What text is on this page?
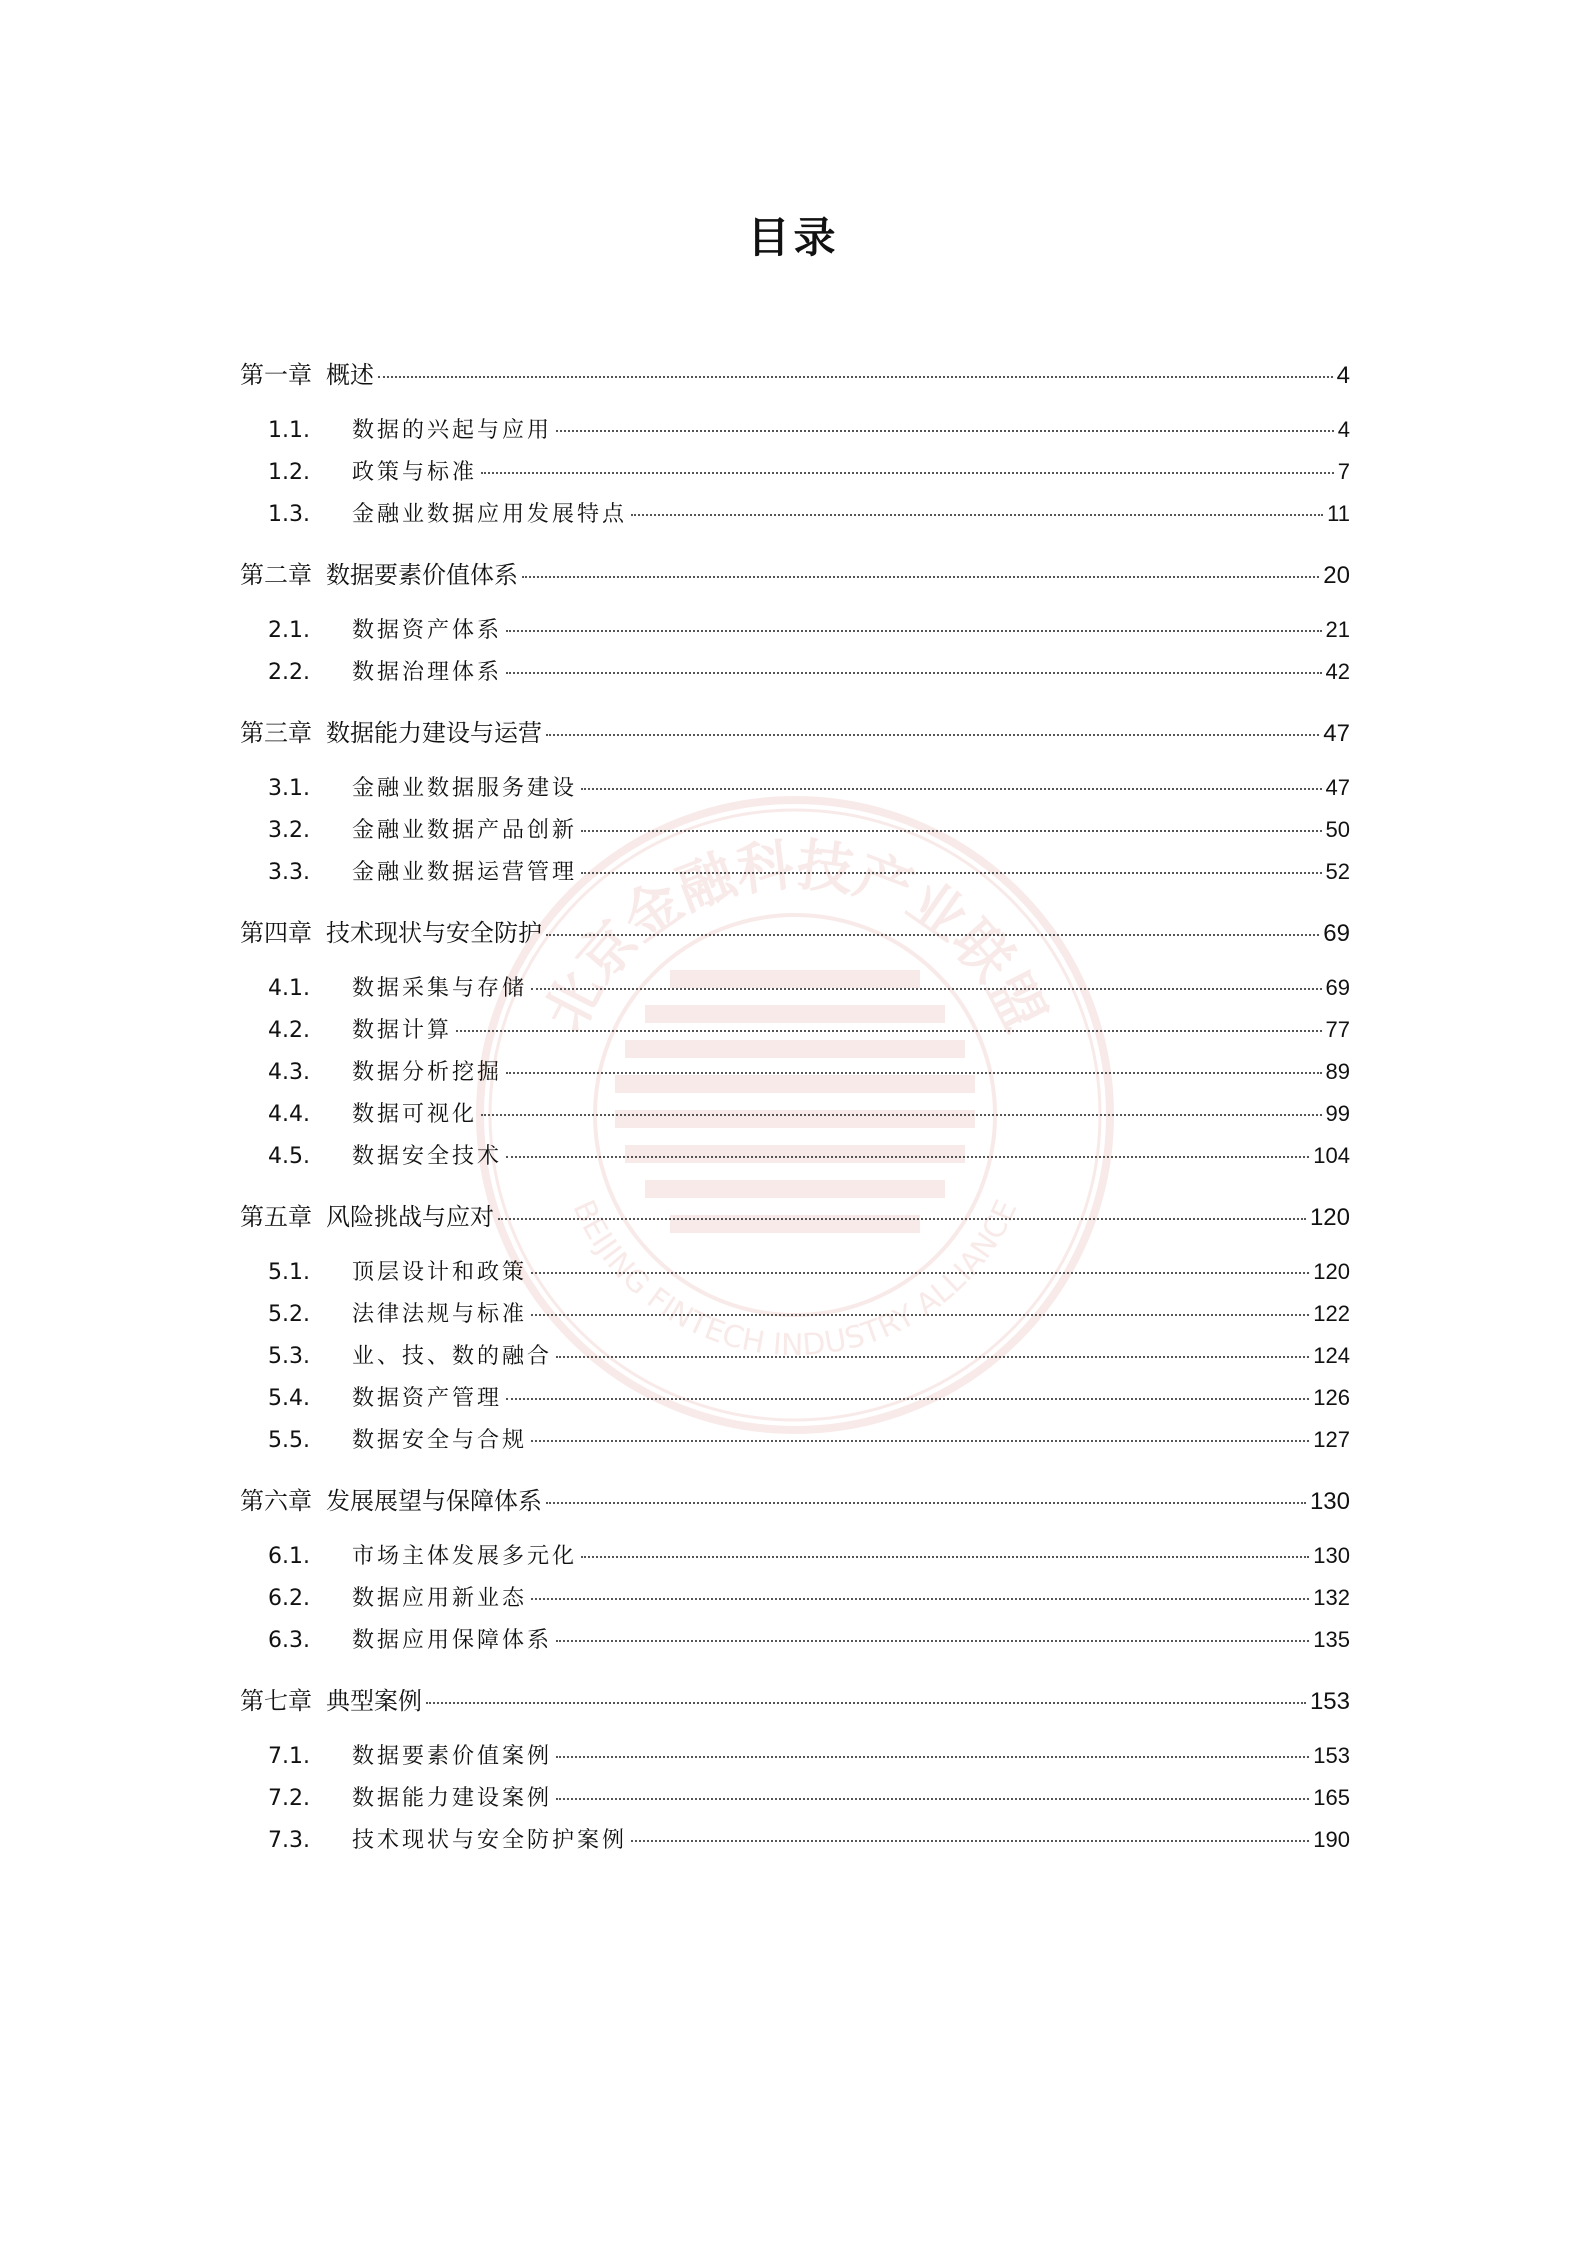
北京金融科技产业联盟
BEIJING FINTECH INDUSTRY ALLIANCE
目录
第一章 概述	4
1.1.	数据的兴起与应用	4
1.2.	政策与标准	7
1.3.	金融业数据应用发展特点	11
第二章 数据要素价值体系	20
2.1.	数据资产体系	21
2.2.	数据治理体系	42
第三章 数据能力建设与运营	47
3.1.	金融业数据服务建设	47
3.2.	金融业数据产品创新	50
3.3.	金融业数据运营管理	52
第四章 技术现状与安全防护	69
4.1.	数据采集与存储	69
4.2.	数据计算	77
4.3.	数据分析挖掘	89
4.4.	数据可视化	99
4.5.	数据安全技术	104
第五章 风险挑战与应对	120
5.1.	顶层设计和政策	120
5.2.	法律法规与标准	122
5.3.	业、技、数的融合	124
5.4.	数据资产管理	126
5.5.	数据安全与合规	127
第六章 发展展望与保障体系	130
6.1.	市场主体发展多元化	130
6.2.	数据应用新业态	132
6.3.	数据应用保障体系	135
第七章 典型案例	153
7.1.	数据要素价值案例	153
7.2.	数据能力建设案例	165
7.3.	技术现状与安全防护案例	190
